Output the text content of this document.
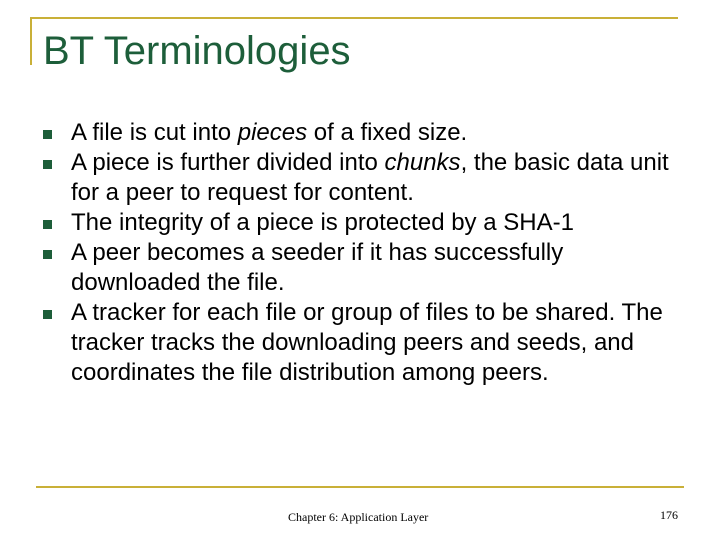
BT Terminologies
A file is cut into pieces of a fixed size.
A piece is further divided into chunks, the basic data unit for a peer to request for content.
The integrity of a piece is protected by a SHA-1
A peer becomes a seeder if it has successfully downloaded the file.
A tracker for each file or group of files to be shared. The tracker tracks the downloading peers and seeds, and coordinates the file distribution among peers.
Chapter 6: Application Layer	176
